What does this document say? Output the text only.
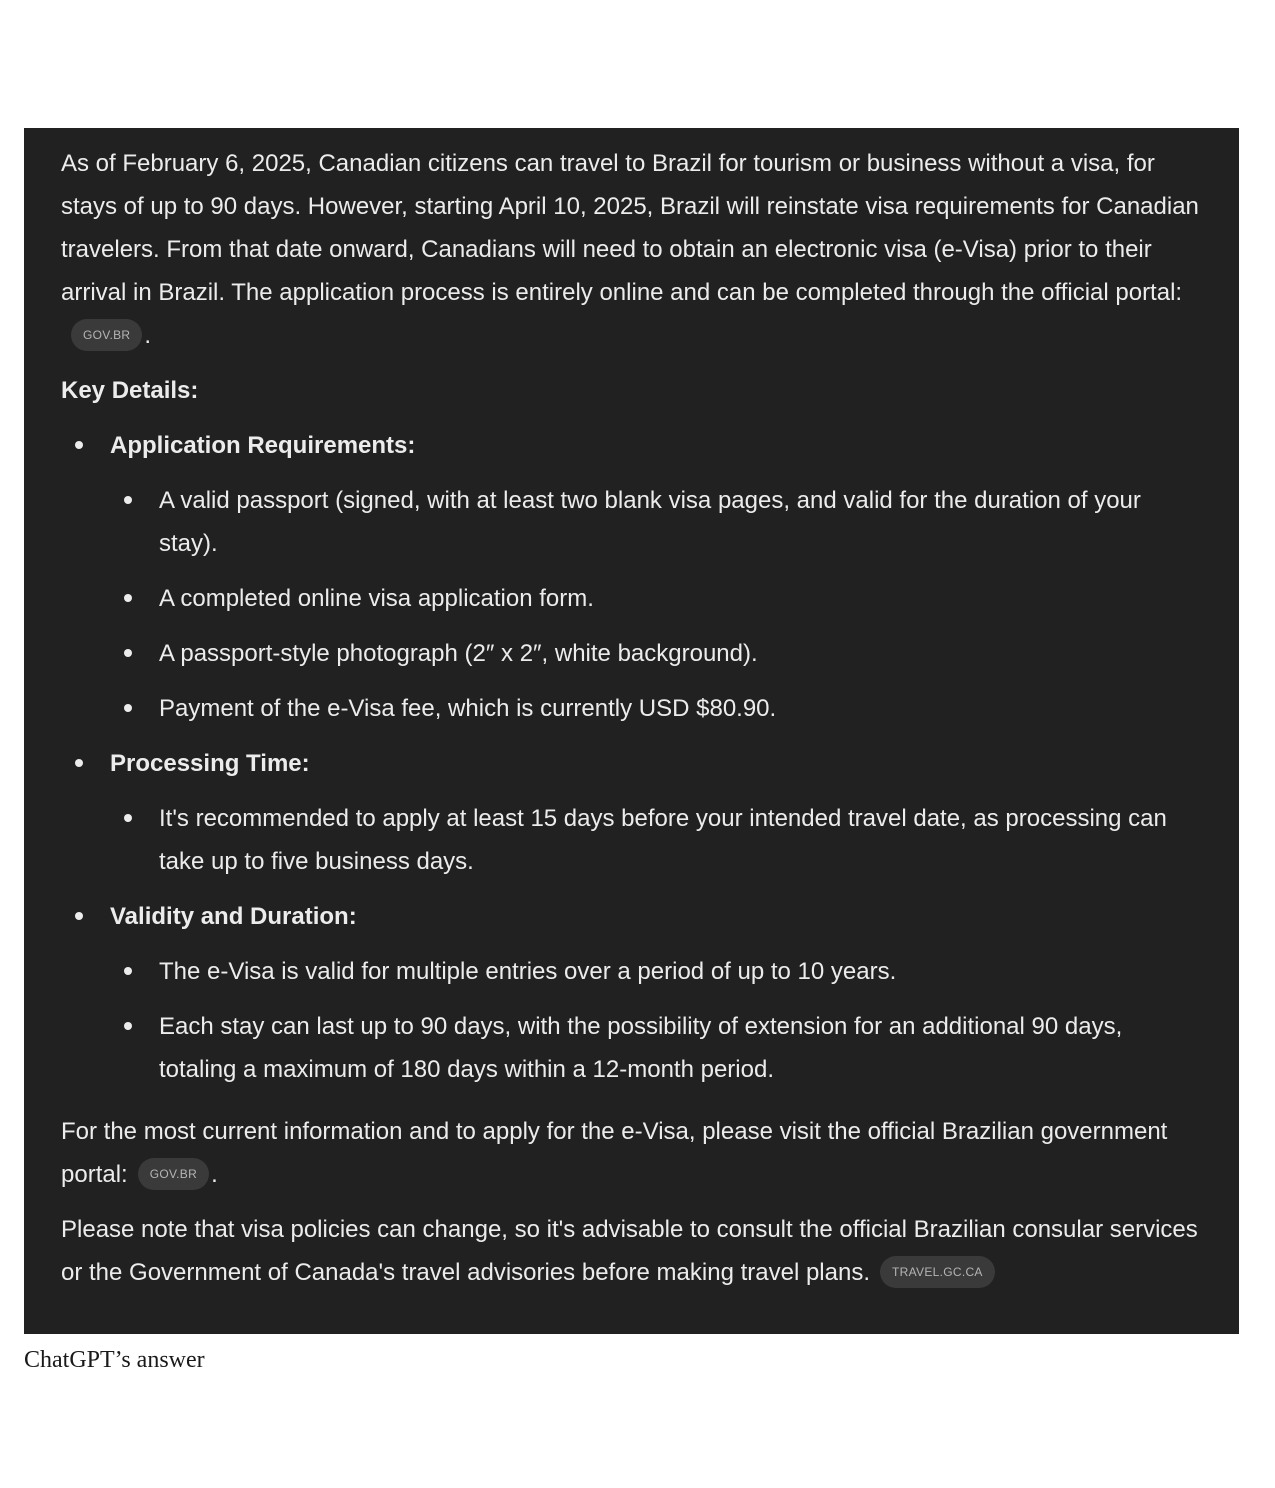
As of February 6, 2025, Canadian citizens can travel to Brazil for tourism or business without a visa, for stays of up to 90 days. However, starting April 10, 2025, Brazil will reinstate visa requirements for Canadian travelers. From that date onward, Canadians will need to obtain an electronic visa (e-Visa) prior to their arrival in Brazil. The application process is entirely online and can be completed through the official portal:GOV.BR .

Key Details:

Application Requirements:
A valid passport (signed, with at least two blank visa pages, and valid for the duration of your stay).
A completed online visa application form.
A passport-style photograph (2″ x 2″, white background).
Payment of the e-Visa fee, which is currently USD $80.90.
Processing Time:
It's recommended to apply at least 15 days before your intended travel date, as processing can take up to five business days.
Validity and Duration:
The e-Visa is valid for multiple entries over a period of up to 10 years.
Each stay can last up to 90 days, with the possibility of extension for an additional 90 days, totaling a maximum of 180 days within a 12-month period.

For the most current information and to apply for the e-Visa, please visit the official Brazilian government portal: GOV.BR .

Please note that visa policies can change, so it's advisable to consult the official Brazilian consular services or the Government of Canada's travel advisories before making travel plans. TRAVEL.GC.CA

ChatGPT’s answer
